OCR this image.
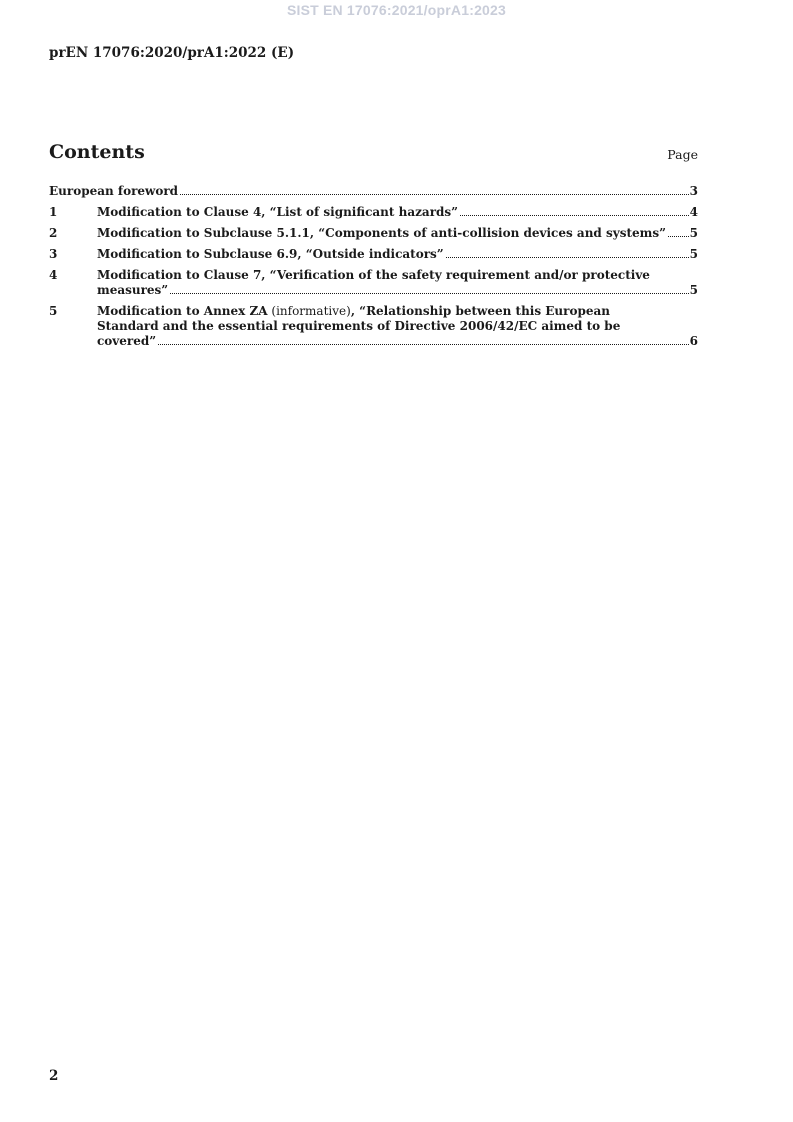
SIST EN 17076:2021/oprA1:2023
prEN 17076:2020/prA1:2022 (E)
Contents	Page
European foreword	3
1	Modification to Clause 4, “List of significant hazards”	4
2	Modification to Subclause 5.1.1, “Components of anti-collision devices and systems” 5
3	Modification to Subclause 6.9, “Outside indicators”	5
4	Modification to Clause 7, “Verification of the safety requirement and/or protective
measures”	5
5	Modification to Annex ZA (informative), “Relationship between this European
Standard and the essential requirements of Directive 2006/42/EC aimed to be
covered”	6
2
